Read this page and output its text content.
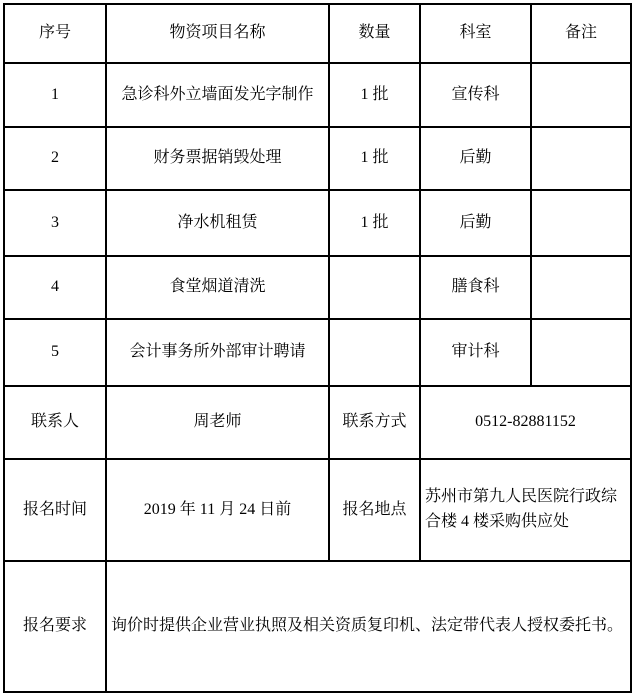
序号	物资项目名称	数量	科室	备注
1	急诊科外立墙面发光字制作	1 批	宣传科	
2	财务票据销毁处理	1 批	后勤	
3	净水机租赁	1 批	后勤	
4	食堂烟道清洗		膳食科	
5	会计事务所外部审计聘请		审计科	
联系人	周老师	联系方式	0512-82881152	
报名时间	2019 年 11 月 24 日前	报名地点	苏州市第九人民医院行政综合楼 4 楼采购供应处	
报名要求	询价时提供企业营业执照及相关资质复印机、法定带代表人授权委托书。			
